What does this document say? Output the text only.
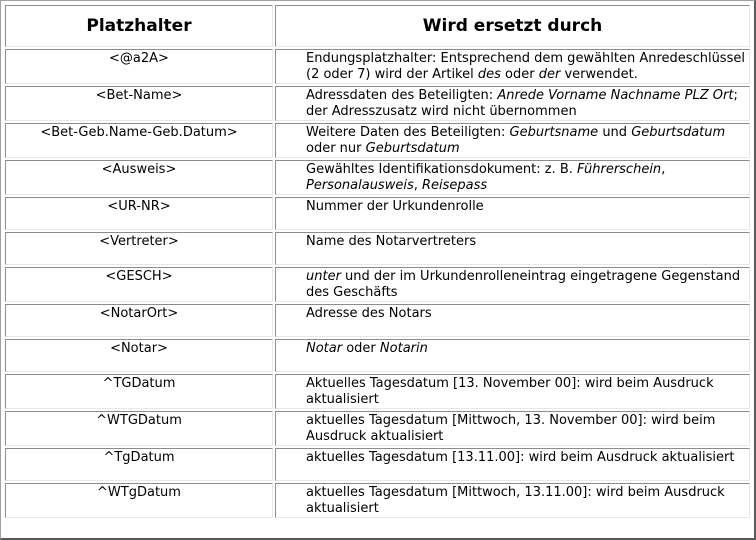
Platzhalter	Wird ersetzt durch
<@a2A>	Endungsplatzhalter: Entsprechend dem gewählten Anredeschlüssel (2 oder 7) wird der Artikel des oder der verwendet.
<Bet-Name>	Adressdaten des Beteiligten: Anrede Vorname Nachname PLZ Ort; der Adresszusatz wird nicht übernommen
<Bet-Geb.Name-Geb.Datum>	Weitere Daten des Beteiligten: Geburtsname und Geburtsdatum oder nur Geburtsdatum
<Ausweis>	Gewähltes Identifikationsdokument: z. B. Führerschein, Personalausweis, Reisepass
<UR-NR>	Nummer der Urkundenrolle
<Vertreter>	Name des Notarvertreters
<GESCH>	unter und der im Urkundenrolleneintrag eingetragene Gegenstand des Geschäfts
<NotarOrt>	Adresse des Notars
<Notar>	Notar oder Notarin
^TGDatum	Aktuelles Tagesdatum [13. November 00]: wird beim Ausdruck aktualisiert
^WTGDatum	aktuelles Tagesdatum [Mittwoch, 13. November 00]: wird beim Ausdruck aktualisiert
^TgDatum	aktuelles Tagesdatum [13.11.00]: wird beim Ausdruck aktualisiert
^WTgDatum	aktuelles Tagesdatum [Mittwoch, 13.11.00]: wird beim Ausdruck aktualisiert
